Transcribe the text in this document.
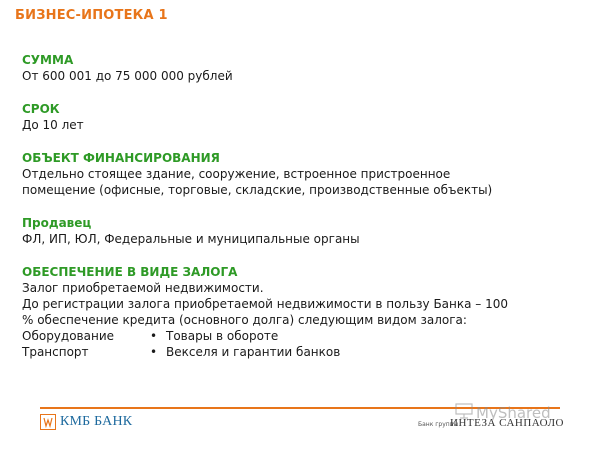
БИЗНЕС-ИПОТЕКА 1
СУММА
От 600 001 до 75 000 000 рублей
СРОК
До 10 лет
ОБЪЕКТ ФИНАНСИРОВАНИЯ
Отдельно стоящее здание, сооружение, встроенное пристроенное
помещение (офисные, торговые, складские, производственные объекты)
Продавец
ФЛ, ИП, ЮЛ, Федеральные и муниципальные органы
ОБЕСПЕЧЕНИЕ В ВИДЕ ЗАЛОГА
Залог приобретаемой недвижимости.
До регистрации залога приобретаемой недвижимости в пользу Банка – 100
% обеспечение кредита (основного долга) следующим видом залога:
Оборудование	• Товары в обороте
Транспорт	• Векселя и гарантии банков
КМБ БАНК	Банк группы
ИНТЕЗА САНПАОЛО
MyShared
